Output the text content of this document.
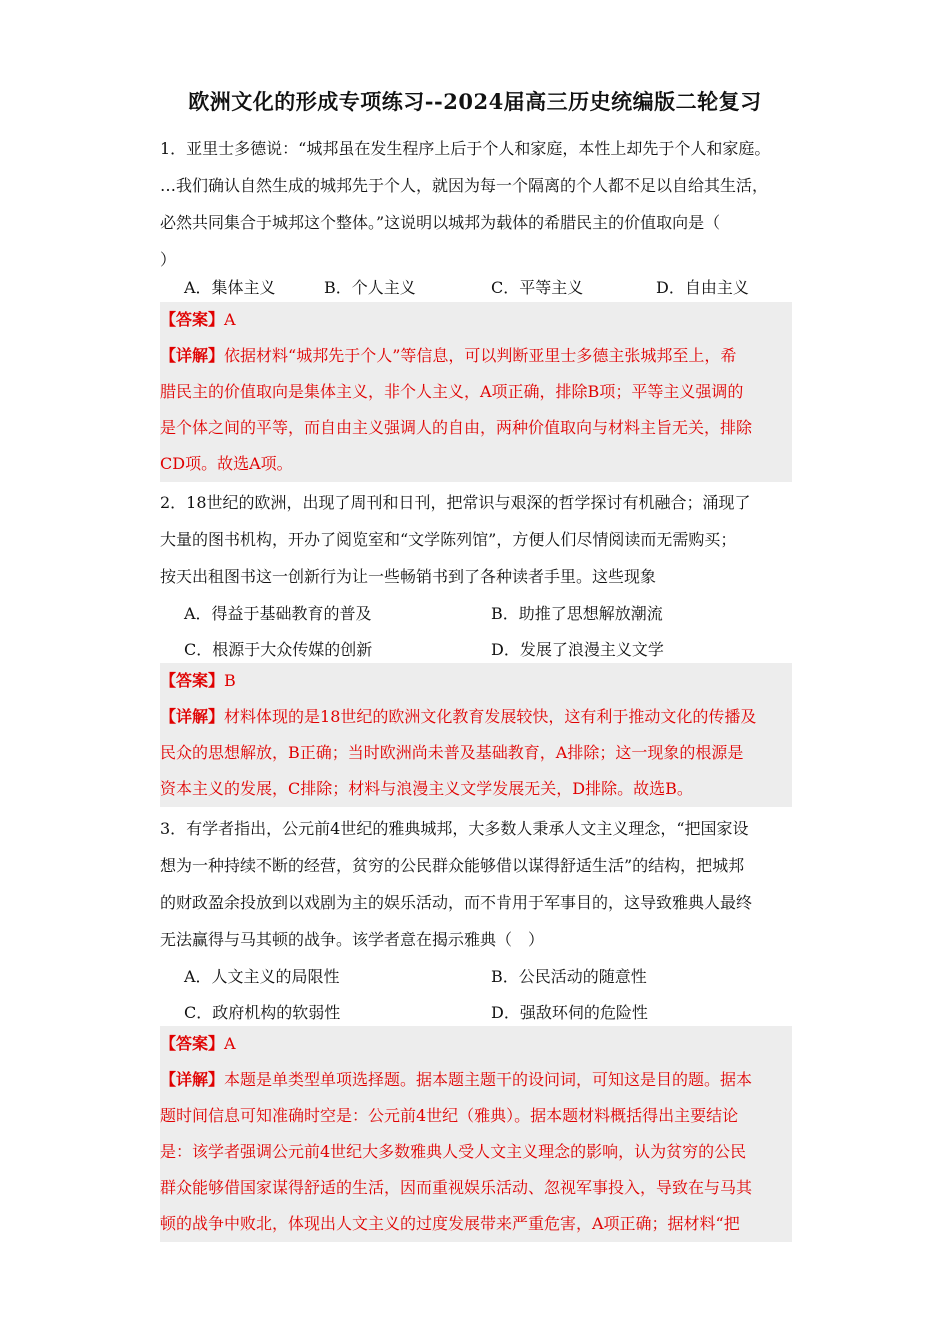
欧洲文化的形成专项练习--2024届高三历史统编版二轮复习
1．亚里士多德说：“城邦虽在发生程序上后于个人和家庭，本性上却先于个人和家庭。
…我们确认自然生成的城邦先于个人，就因为每一个隔离的个人都不足以自给其生活，
必然共同集合于城邦这个整体。”这说明以城邦为载体的希腊民主的价值取向是（
）
A．集体主义	B．个人主义	C．平等主义	D．自由主义
【答案】A
【详解】依据材料“城邦先于个人”等信息，可以判断亚里士多德主张城邦至上，希
腊民主的价值取向是集体主义，非个人主义，A项正确，排除B项；平等主义强调的
是个体之间的平等，而自由主义强调人的自由，两种价值取向与材料主旨无关，排除
CD项。故选A项。
2．18世纪的欧洲，出现了周刊和日刊，把常识与艰深的哲学探讨有机融合；涌现了
大量的图书机构，开办了阅览室和“文学陈列馆”，方便人们尽情阅读而无需购买；
按天出租图书这一创新行为让一些畅销书到了各种读者手里。这些现象
A．得益于基础教育的普及	B．助推了思想解放潮流
C．根源于大众传媒的创新	D．发展了浪漫主义文学
【答案】B
【详解】材料体现的是18世纪的欧洲文化教育发展较快，这有利于推动文化的传播及
民众的思想解放，B正确；当时欧洲尚未普及基础教育，A排除；这一现象的根源是
资本主义的发展，C排除；材料与浪漫主义文学发展无关，D排除。故选B。
3．有学者指出，公元前4世纪的雅典城邦，大多数人秉承人文主义理念，“把国家设
想为一种持续不断的经营，贫穷的公民群众能够借以谋得舒适生活”的结构，把城邦
的财政盈余投放到以戏剧为主的娱乐活动，而不肯用于军事目的，这导致雅典人最终
无法赢得与马其顿的战争。该学者意在揭示雅典（　）
A．人文主义的局限性	B．公民活动的随意性
C．政府机构的软弱性	D．强敌环伺的危险性
【答案】A
【详解】本题是单类型单项选择题。据本题主题干的设问词，可知这是目的题。据本
题时间信息可知准确时空是：公元前4世纪（雅典）。据本题材料概括得出主要结论
是：该学者强调公元前4世纪大多数雅典人受人文主义理念的影响，认为贫穷的公民
群众能够借国家谋得舒适的生活，因而重视娱乐活动、忽视军事投入，导致在与马其
顿的战争中败北，体现出人文主义的过度发展带来严重危害，A项正确；据材料“把
